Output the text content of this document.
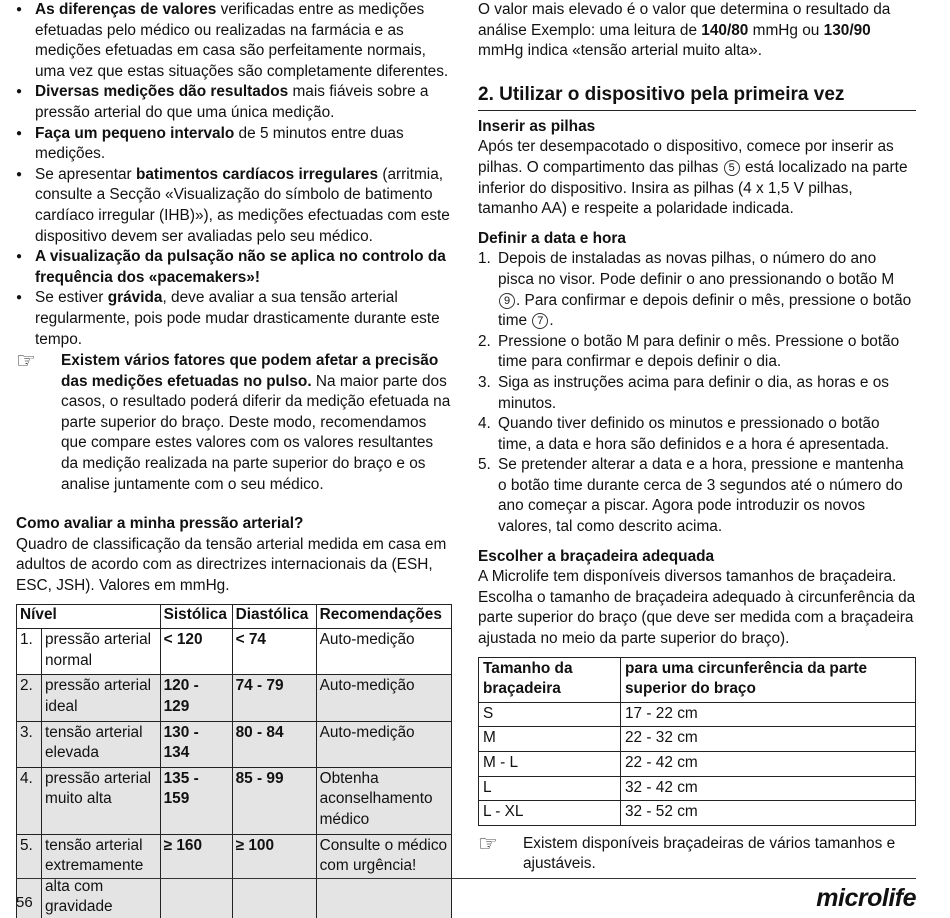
● As diferenças de valores verificadas entre as medições efetuadas pelo médico ou realizadas na farmácia e as medições efetuadas em casa são perfeitamente normais, uma vez que estas situações são completamente diferentes.
● Diversas medições dão resultados mais fiáveis sobre a pressão arterial do que uma única medição.
● Faça um pequeno intervalo de 5 minutos entre duas medições.
● Se apresentar batimentos cardíacos irregulares (arritmia, consulte a Secção «Visualização do símbolo de batimento cardíaco irregular (IHB)»), as medições efectuadas com este dispositivo devem ser avaliadas pelo seu médico.
● A visualização da pulsação não se aplica no controlo da frequência dos «pacemakers»!
● Se estiver grávida, deve avaliar a sua tensão arterial regularmente, pois pode mudar drasticamente durante este tempo.
☞ Existem vários fatores que podem afetar a precisão das medições efetuadas no pulso. Na maior parte dos casos, o resultado poderá diferir da medição efetuada na parte superior do braço. Deste modo, recomendamos que compare estes valores com os valores resultantes da medição realizada na parte superior do braço e os analise juntamente com o seu médico.
Como avaliar a minha pressão arterial?

Quadro de classificação da tensão arterial medida em casa em adultos de acordo com as directrizes internacionais da (ESH, ESC, JSH). Valores em mmHg.

Nível		Sistólica	Diastólica	Recomendações
1.	pressão arterial normal	< 120	< 74	Auto-medição
2.	pressão arterial ideal	120 - 129	74 - 79	Auto-medição
3.	tensão arterial elevada	130 - 134	80 - 84	Auto-medição
4.	pressão arterial muito alta	135 - 159	85 - 99	Obtenha aconselhamento médico
5.	tensão arterial extremamente alta com gravidade	≥ 160	≥ 100	Consulte o médico com urgência!

O valor mais elevado é o valor que determina o resultado da análise Exemplo: uma leitura de 140/80 mmHg ou 130/90 mmHg indica «tensão arterial muito alta».

2. Utilizar o dispositivo pela primeira vez
Inserir as pilhas

Após ter desempacotado o dispositivo, comece por inserir as pilhas. O compartimento das pilhas 5 está localizado na parte inferior do dispositivo. Insira as pilhas (4 x 1,5 V pilhas, tamanho AA) e respeite a polaridade indicada.

Definir a data e hora
1. Depois de instaladas as novas pilhas, o número do ano pisca no visor. Pode definir o ano pressionando o botão M 9 . Para confirmar e depois definir o mês, pressione o botão time 7 .
2. Pressione o botão M para definir o mês. Pressione o botão time para confirmar e depois definir o dia.
3. Siga as instruções acima para definir o dia, as horas e os minutos.
4. Quando tiver definido os minutos e pressionado o botão time, a data e hora são definidos e a hora é apresentada.
5. Se pretender alterar a data e a hora, pressione e mantenha o botão time durante cerca de 3 segundos até o número do ano começar a piscar. Agora pode introduzir os novos valores, tal como descrito acima.
Escolher a braçadeira adequada

A Microlife tem disponíveis diversos tamanhos de braçadeira. Escolha o tamanho de braçadeira adequado à circunferência da parte superior do braço (que deve ser medida com a braçadeira ajustada no meio da parte superior do braço).

Tamanho da braçadeira	para uma circunferência da parte superior do braço
S	17 - 22 cm
M	22 - 32 cm
M - L	22 - 42 cm
L	32 - 42 cm
L - XL	32 - 52 cm
☞ Existem disponíveis braçadeiras de vários tamanhos e ajustáveis.
56	microlife
